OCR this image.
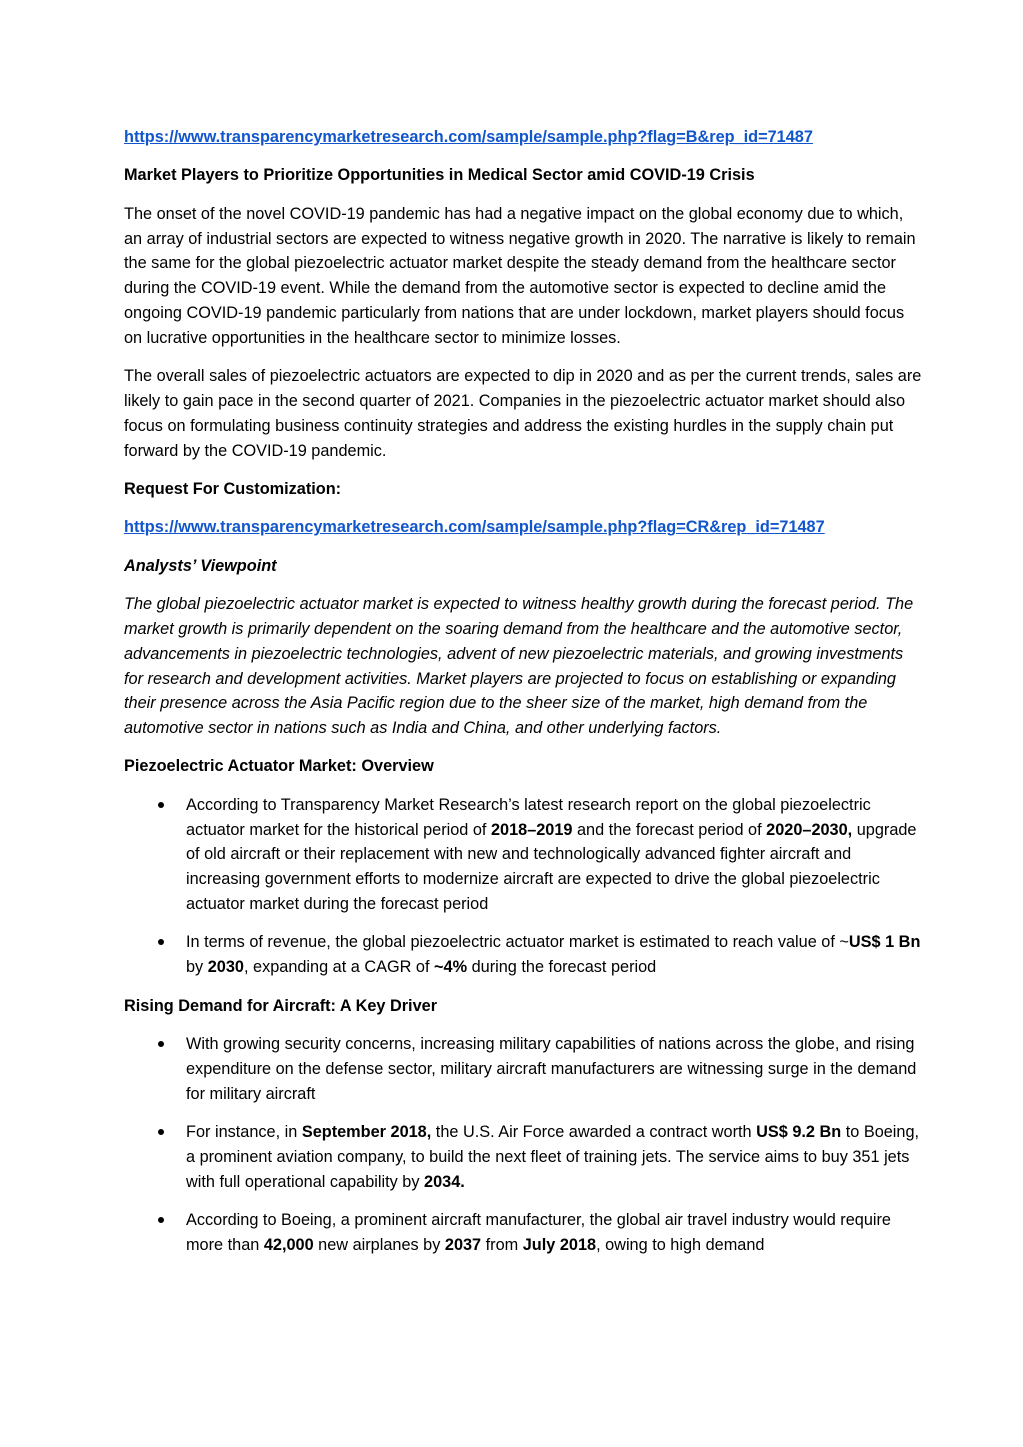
https://www.transparencymarketresearch.com/sample/sample.php?flag=B&rep_id=71487

Market Players to Prioritize Opportunities in Medical Sector amid COVID-19 Crisis

The onset of the novel COVID-19 pandemic has had a negative impact on the global economy due to which, an array of industrial sectors are expected to witness negative growth in 2020. The narrative is likely to remain the same for the global piezoelectric actuator market despite the steady demand from the healthcare sector during the COVID-19 event. While the demand from the automotive sector is expected to decline amid the ongoing COVID-19 pandemic particularly from nations that are under lockdown, market players should focus on lucrative opportunities in the healthcare sector to minimize losses.

The overall sales of piezoelectric actuators are expected to dip in 2020 and as per the current trends, sales are likely to gain pace in the second quarter of 2021. Companies in the piezoelectric actuator market should also focus on formulating business continuity strategies and address the existing hurdles in the supply chain put forward by the COVID-19 pandemic.

Request For Customization:

https://www.transparencymarketresearch.com/sample/sample.php?flag=CR&rep_id=71487

Analysts’ Viewpoint

The global piezoelectric actuator market is expected to witness healthy growth during the forecast period. The market growth is primarily dependent on the soaring demand from the healthcare and the automotive sector, advancements in piezoelectric technologies, advent of new piezoelectric materials, and growing investments for research and development activities. Market players are projected to focus on establishing or expanding their presence across the Asia Pacific region due to the sheer size of the market, high demand from the automotive sector in nations such as India and China, and other underlying factors.

Piezoelectric Actuator Market: Overview

According to Transparency Market Research’s latest research report on the global piezoelectric actuator market for the historical period of 2018–2019 and the forecast period of 2020–2030, upgrade of old aircraft or their replacement with new and technologically advanced fighter aircraft and increasing government efforts to modernize aircraft are expected to drive the global piezoelectric actuator market during the forecast period
In terms of revenue, the global piezoelectric actuator market is estimated to reach value of ~US$ 1 Bn by 2030, expanding at a CAGR of ~4% during the forecast period

Rising Demand for Aircraft: A Key Driver

With growing security concerns, increasing military capabilities of nations across the globe, and rising expenditure on the defense sector, military aircraft manufacturers are witnessing surge in the demand for military aircraft
For instance, in September 2018, the U.S. Air Force awarded a contract worth US$ 9.2 Bn to Boeing, a prominent aviation company, to build the next fleet of training jets. The service aims to buy 351 jets with full operational capability by 2034.
According to Boeing, a prominent aircraft manufacturer, the global air travel industry would require more than 42,000 new airplanes by 2037 from July 2018, owing to high demand
